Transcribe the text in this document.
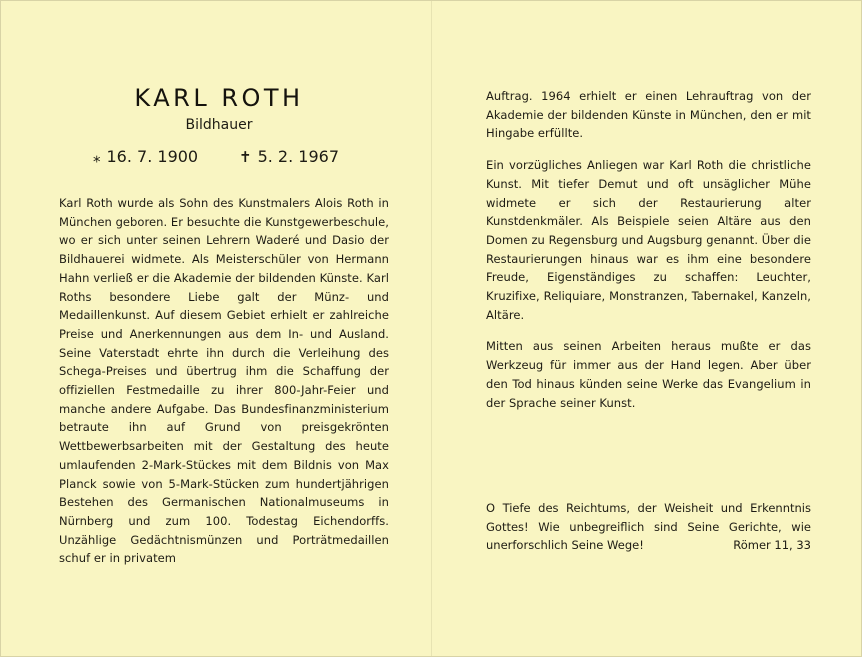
KARL ROTH
Bildhauer
⁎ 16. 7. 1900	✝ 5. 2. 1967
Karl Roth wurde als Sohn des Kunstmalers Alois Roth in München geboren. Er besuchte die Kunstgewerbeschule, wo er sich unter seinen Lehrern Waderé und Dasio der Bildhauerei widmete. Als Meisterschüler von Hermann Hahn verließ er die Akademie der bildenden Künste. Karl Roths besondere Liebe galt der Münz- und Medaillenkunst. Auf diesem Gebiet erhielt er zahlreiche Preise und Anerkennungen aus dem In- und Ausland. Seine Vaterstadt ehrte ihn durch die Verleihung des Schega-Preises und übertrug ihm die Schaffung der offiziellen Festmedaille zu ihrer 800-Jahr-Feier und manche andere Aufgabe. Das Bundesfinanzministerium betraute ihn auf Grund von preisgekrönten Wettbewerbsarbeiten mit der Gestaltung des heute umlaufenden 2-Mark-Stückes mit dem Bildnis von Max Planck sowie von 5-Mark-Stücken zum hundertjährigen Bestehen des Germanischen Nationalmuseums in Nürnberg und zum 100. Todestag Eichendorffs. Unzählige Gedächtnismünzen und Porträtmedaillen schuf er in privatem

Auftrag. 1964 erhielt er einen Lehrauftrag von der Akademie der bildenden Künste in München, den er mit Hingabe erfüllte.

Ein vorzügliches Anliegen war Karl Roth die christliche Kunst. Mit tiefer Demut und oft unsäglicher Mühe widmete er sich der Restaurierung alter Kunstdenkmäler. Als Beispiele seien Altäre aus den Domen zu Regensburg und Augsburg genannt. Über die Restaurierungen hinaus war es ihm eine besondere Freude, Eigenständiges zu schaffen: Leuchter, Kruzifixe, Reliquiare, Monstranzen, Tabernakel, Kanzeln, Altäre.

Mitten aus seinen Arbeiten heraus mußte er das Werkzeug für immer aus der Hand legen. Aber über den Tod hinaus künden seine Werke das Evangelium in der Sprache seiner Kunst.

O Tiefe des Reichtums, der Weisheit und Erkenntnis Gottes! Wie unbegreiflich sind Seine Gerichte, wie unerforschlich Seine Wege!	Römer 11, 33
